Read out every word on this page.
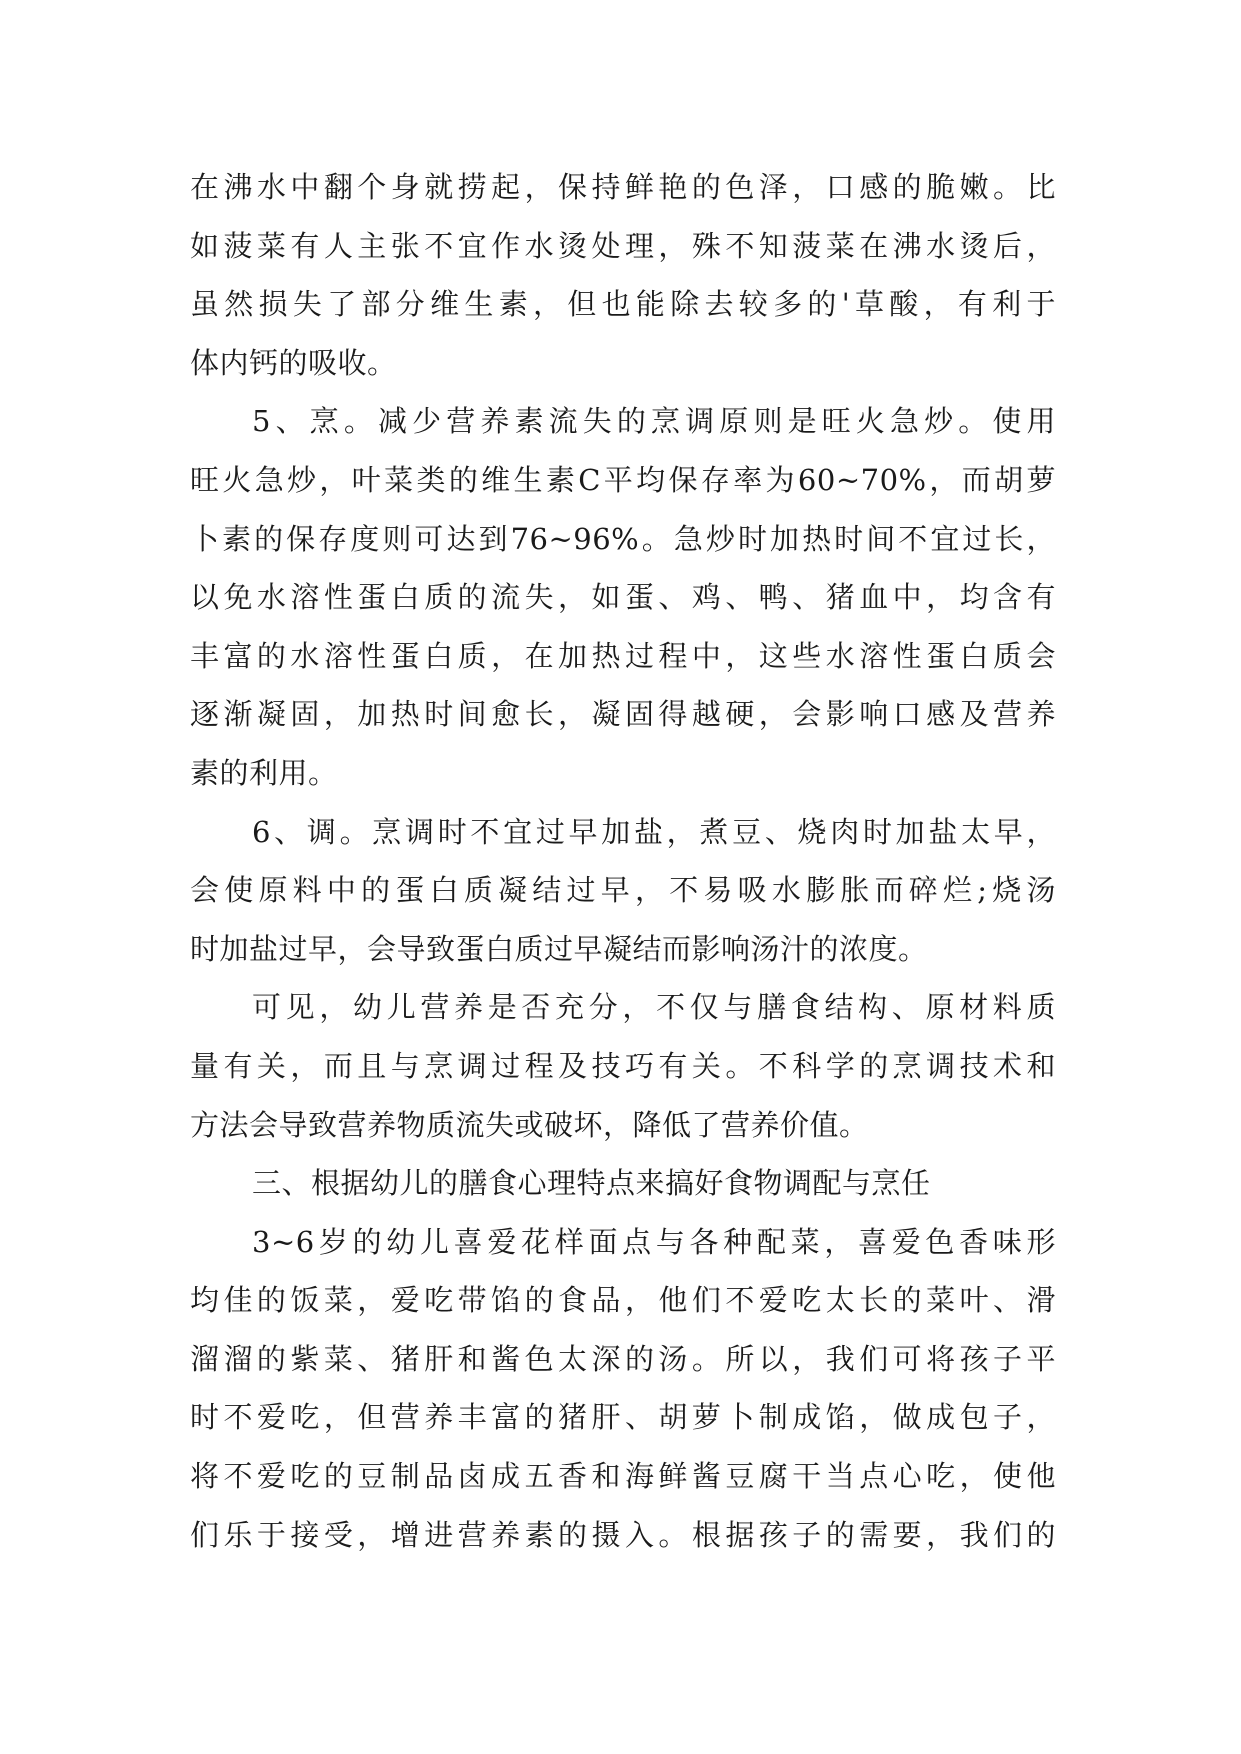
在沸水中翻个身就捞起，保持鲜艳的色泽，口感的脆嫩。比
如菠菜有人主张不宜作水烫处理，殊不知菠菜在沸水烫后，
虽然损失了部分维生素，但也能除去较多的'草酸，有利于
体内钙的吸收。
5、烹。减少营养素流失的烹调原则是旺火急炒。使用
旺火急炒，叶菜类的维生素C平均保存率为60~70%，而胡萝
卜素的保存度则可达到76~96%。急炒时加热时间不宜过长，
以免水溶性蛋白质的流失，如蛋、鸡、鸭、猪血中，均含有
丰富的水溶性蛋白质，在加热过程中，这些水溶性蛋白质会
逐渐凝固，加热时间愈长，凝固得越硬，会影响口感及营养
素的利用。
6、调。烹调时不宜过早加盐，煮豆、烧肉时加盐太早，
会使原料中的蛋白质凝结过早，不易吸水膨胀而碎烂;烧汤
时加盐过早，会导致蛋白质过早凝结而影响汤汁的浓度。
可见，幼儿营养是否充分，不仅与膳食结构、原材料质
量有关，而且与烹调过程及技巧有关。不科学的烹调技术和
方法会导致营养物质流失或破坏，降低了营养价值。
三、根据幼儿的膳食心理特点来搞好食物调配与烹任
3~6岁的幼儿喜爱花样面点与各种配菜，喜爱色香味形
均佳的饭菜，爱吃带馅的食品，他们不爱吃太长的菜叶、滑
溜溜的紫菜、猪肝和酱色太深的汤。所以，我们可将孩子平
时不爱吃，但营养丰富的猪肝、胡萝卜制成馅，做成包子，
将不爱吃的豆制品卤成五香和海鲜酱豆腐干当点心吃，使他
们乐于接受，增进营养素的摄入。根据孩子的需要，我们的
